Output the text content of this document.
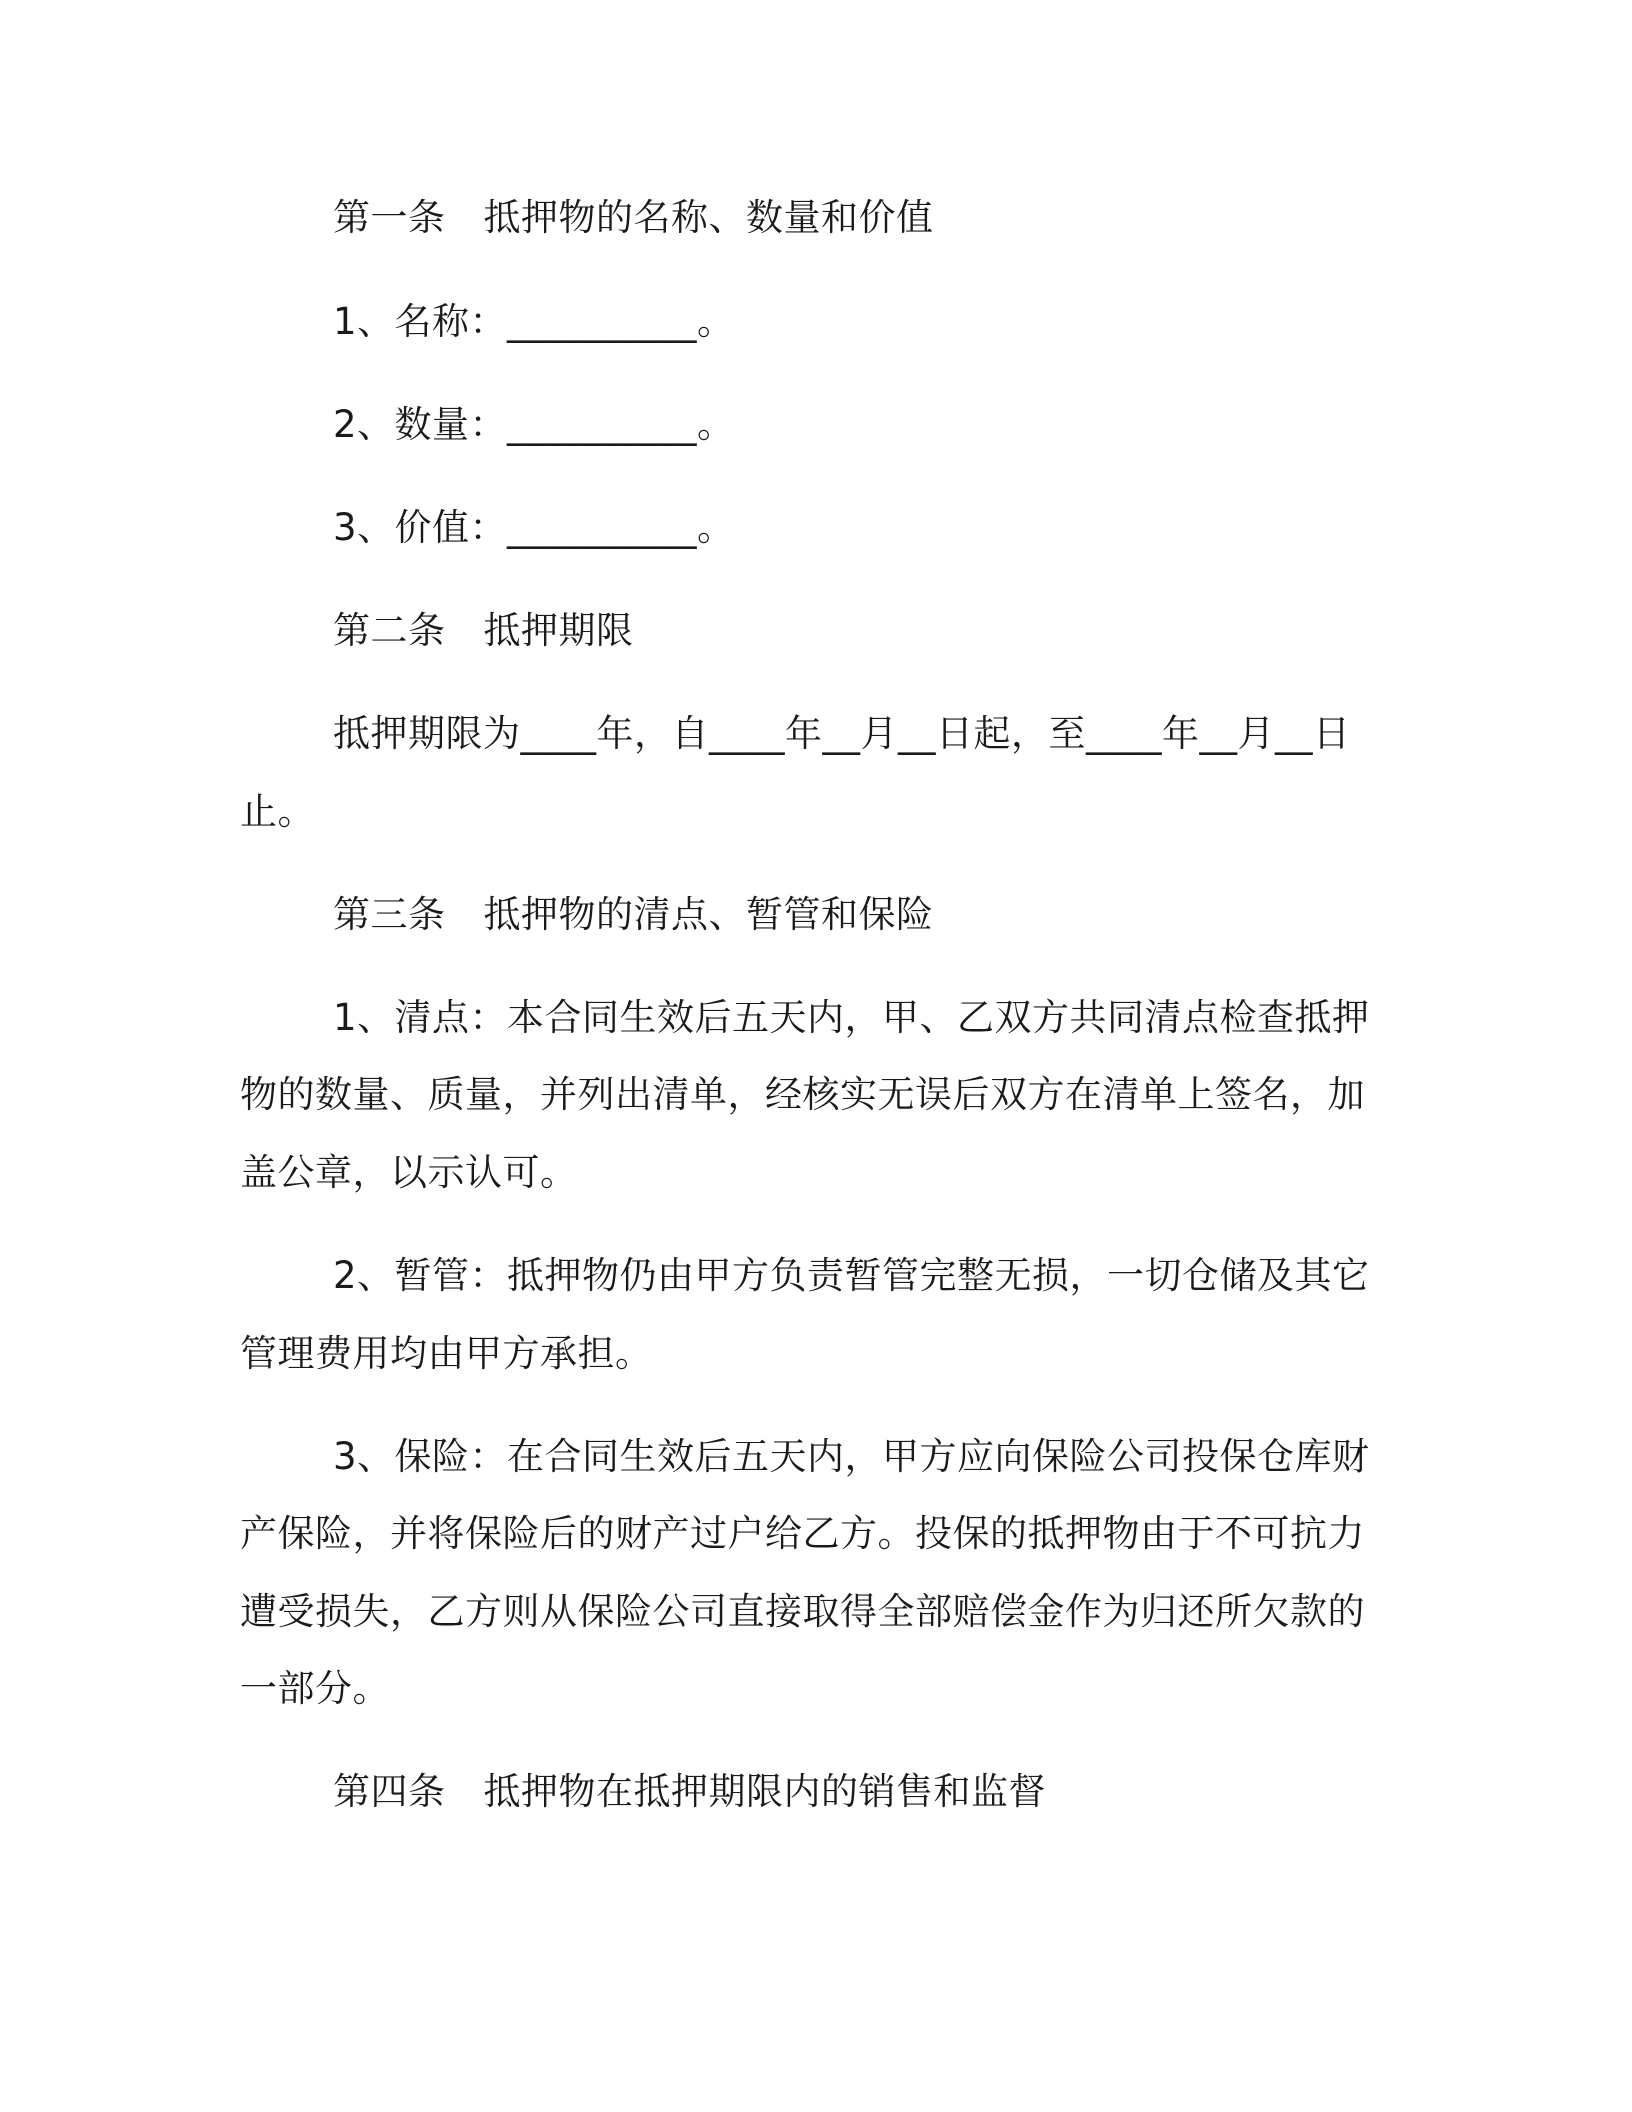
第一条 抵押物的名称、数量和价值
1、名称：__________。
2、数量：__________。
3、价值：__________。
第二条 抵押期限
抵押期限为____年，自____年__月__日起，至____年__月__日
止。
第三条 抵押物的清点、暂管和保险
1、清点：本合同生效后五天内，甲、乙双方共同清点检查抵押
物的数量、质量，并列出清单，经核实无误后双方在清单上签名，加
盖公章，以示认可。
2、暂管：抵押物仍由甲方负责暂管完整无损，一切仓储及其它
管理费用均由甲方承担。
3、保险：在合同生效后五天内，甲方应向保险公司投保仓库财
产保险，并将保险后的财产过户给乙方。投保的抵押物由于不可抗力
遭受损失，乙方则从保险公司直接取得全部赔偿金作为归还所欠款的
一部分。
第四条 抵押物在抵押期限内的销售和监督
